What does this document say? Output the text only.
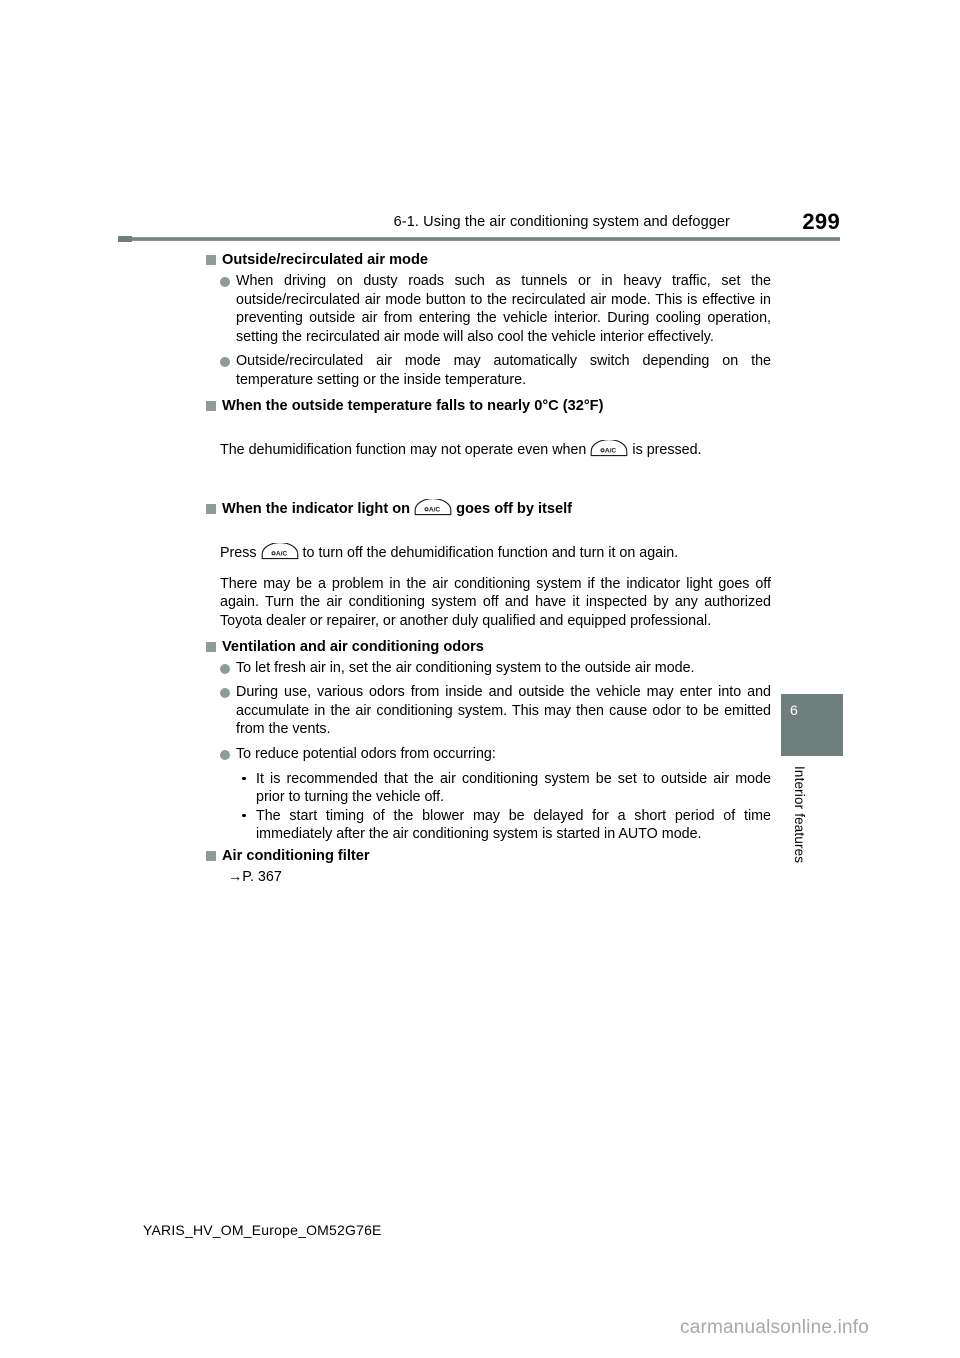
6-1. Using the air conditioning system and defogger	299
Outside/recirculated air mode
When driving on dusty roads such as tunnels or in heavy traffic, set the outside/recirculated air mode button to the recirculated air mode. This is effective in preventing outside air from entering the vehicle interior. During cooling operation, setting the recirculated air mode will also cool the vehicle interior effectively.
Outside/recirculated air mode may automatically switch depending on the temperature setting or the inside temperature.
When the outside temperature falls to nearly 0°C (32°F)
The dehumidification function may not operate even when	A/C is pressed.
When the indicator light on	A/C goes off by itself
Press	A/C to turn off the dehumidification function and turn it on again.
There may be a problem in the air conditioning system if the indicator light goes off again. Turn the air conditioning system off and have it inspected by any authorized Toyota dealer or repairer, or another duly qualified and equipped professional.
Ventilation and air conditioning odors
To let fresh air in, set the air conditioning system to the outside air mode.
During use, various odors from inside and outside the vehicle may enter into and accumulate in the air conditioning system. This may then cause odor to be emitted from the vents.
To reduce potential odors from occurring:
It is recommended that the air conditioning system be set to outside air mode prior to turning the vehicle off.
The start timing of the blower may be delayed for a short period of time immediately after the air conditioning system is started in AUTO mode.
Air conditioning filter
→P. 367
6
Interior features
YARIS_HV_OM_Europe_OM52G76E
carmanualsonline.info
